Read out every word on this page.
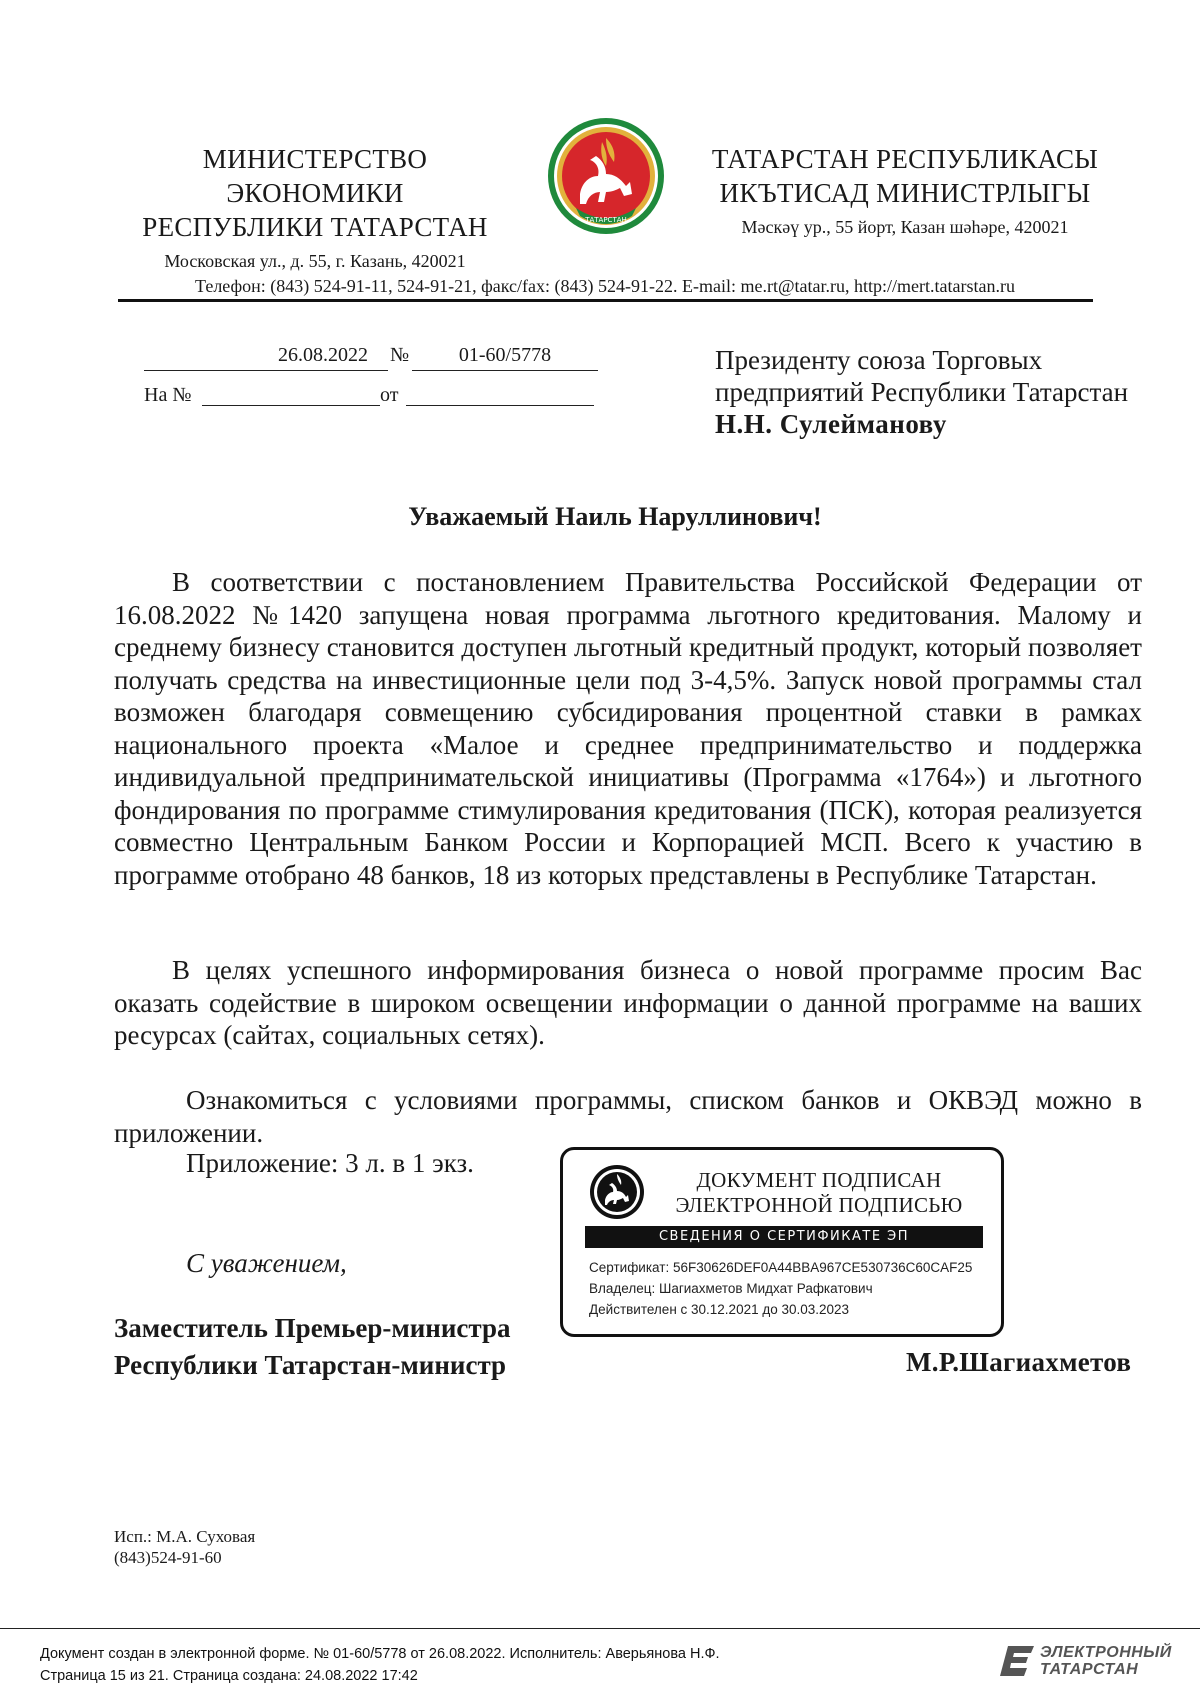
МИНИСТЕРСТВО ЭКОНОМИКИ
РЕСПУБЛИКИ ТАТАРСТАН
Московская ул., д. 55, г. Казань, 420021
ТАТАРСТАН
ТАТАРСТАН РЕСПУБЛИКАСЫ
ИКЪТИСАД МИНИСТРЛЫГЫ
Мәскәү ур., 55 йорт, Казан шәһәре, 420021
Телефон: (843) 524-91-11, 524-91-21, факс/fax: (843) 524-91-22. E-mail: me.rt@tatar.ru, http://mert.tatarstan.ru
26.08.2022	№	01-60/5778
На №	от
Президенту союза Торговых
предприятий Республики Татарстан
Н.Н. Сулейманову
Уважаемый Наиль Наруллинович!
В соответствии с постановлением Правительства Российской Федерации от 16.08.2022 №1420 запущена новая программа льготного кредитования. Малому и среднему бизнесу становится доступен льготный кредитный продукт, который позволяет получать средства на инвестиционные цели под 3-4,5%. Запуск новой программы стал возможен благодаря совмещению субсидирования процентной ставки в рамках национального проекта «Малое и среднее предпринимательство и поддержка индивидуальной предпринимательской инициативы (Программа «1764») и льготного фондирования по программе стимулирования кредитования (ПСК), которая реализуется совместно Центральным Банком России и Корпорацией МСП. Всего к участию в программе отобрано 48 банков, 18 из которых представлены в Республике Татарстан.
В целях успешного информирования бизнеса о новой программе просим Вас оказать содействие в широком освещении информации о данной программе на ваших ресурсах (сайтах, социальных сетях).
Ознакомиться с условиями программы, списком банков и ОКВЭД можно в приложении.
Приложение: 3 л. в 1 экз.
С уважением,
Заместитель Премьер-министра
Республики Татарстан-министр	М.Р.Шагиахметов
ДОКУМЕНТ ПОДПИСАН
ЭЛЕКТРОННОЙ ПОДПИСЬЮ
СВЕДЕНИЯ О СЕРТИФИКАТЕ ЭП
Сертификат: 56F30626DEF0A44BBA967CE530736C60CAF25
Владелец: Шагиахметов Мидхат Рафкатович
Действителен с 30.12.2021 до 30.03.2023
Исп.: М.А. Суховая
(843)524-91-60
Документ создан в электронной форме. № 01-60/5778 от 26.08.2022. Исполнитель: Аверьянова Н.Ф.
Страница 15 из 21. Страница создана: 24.08.2022 17:42
ЭЛЕКТРОННЫЙ
ТАТАРСТАН
